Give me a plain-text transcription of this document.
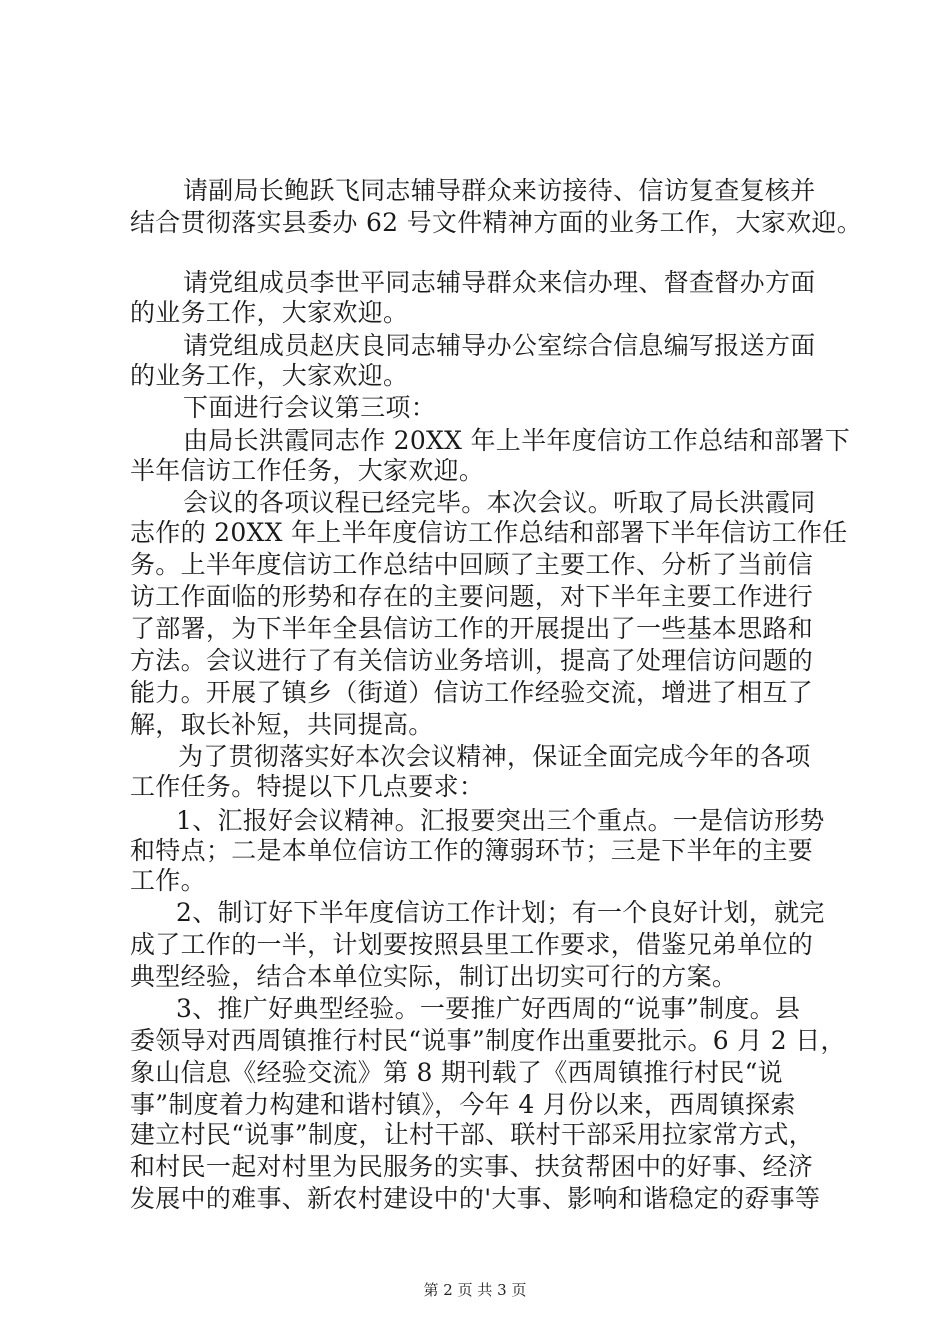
请副局长鲍跃飞同志辅导群众来访接待、信访复查复核并
结合贯彻落实县委办 62 号文件精神方面的业务工作，大家欢迎。
请党组成员李世平同志辅导群众来信办理、督查督办方面
的业务工作，大家欢迎。
请党组成员赵庆良同志辅导办公室综合信息编写报送方面
的业务工作，大家欢迎。
下面进行会议第三项：
由局长洪霞同志作 20XX 年上半年度信访工作总结和部署下
半年信访工作任务，大家欢迎。
会议的各项议程已经完毕。本次会议。听取了局长洪霞同
志作的 20XX 年上半年度信访工作总结和部署下半年信访工作任
务。上半年度信访工作总结中回顾了主要工作、分析了当前信
访工作面临的形势和存在的主要问题，对下半年主要工作进行
了部署，为下半年全县信访工作的开展提出了一些基本思路和
方法。会议进行了有关信访业务培训，提高了处理信访问题的
能力。开展了镇乡（街道）信访工作经验交流，增进了相互了
解，取长补短，共同提高。
为了贯彻落实好本次会议精神，保证全面完成今年的各项
工作任务。特提以下几点要求：
1、汇报好会议精神。汇报要突出三个重点。一是信访形势
和特点；二是本单位信访工作的簿弱环节；三是下半年的主要
工作。
2、制订好下半年度信访工作计划；有一个良好计划，就完
成了工作的一半，计划要按照县里工作要求，借鉴兄弟单位的
典型经验，结合本单位实际，制订出切实可行的方案。
3、推广好典型经验。一要推广好西周的“说事”制度。县
委领导对西周镇推行村民“说事”制度作出重要批示。6 月 2 日，
象山信息《经验交流》第 8 期刊载了《西周镇推行村民“说
事”制度着力构建和谐村镇》，今年 4 月份以来，西周镇探索
建立村民“说事”制度，让村干部、联村干部采用拉家常方式，
和村民一起对村里为民服务的实事、扶贫帮困中的好事、经济
发展中的难事、新农村建设中的'大事、影响和谐稳定的孬事等
第 2 页 共 3 页
